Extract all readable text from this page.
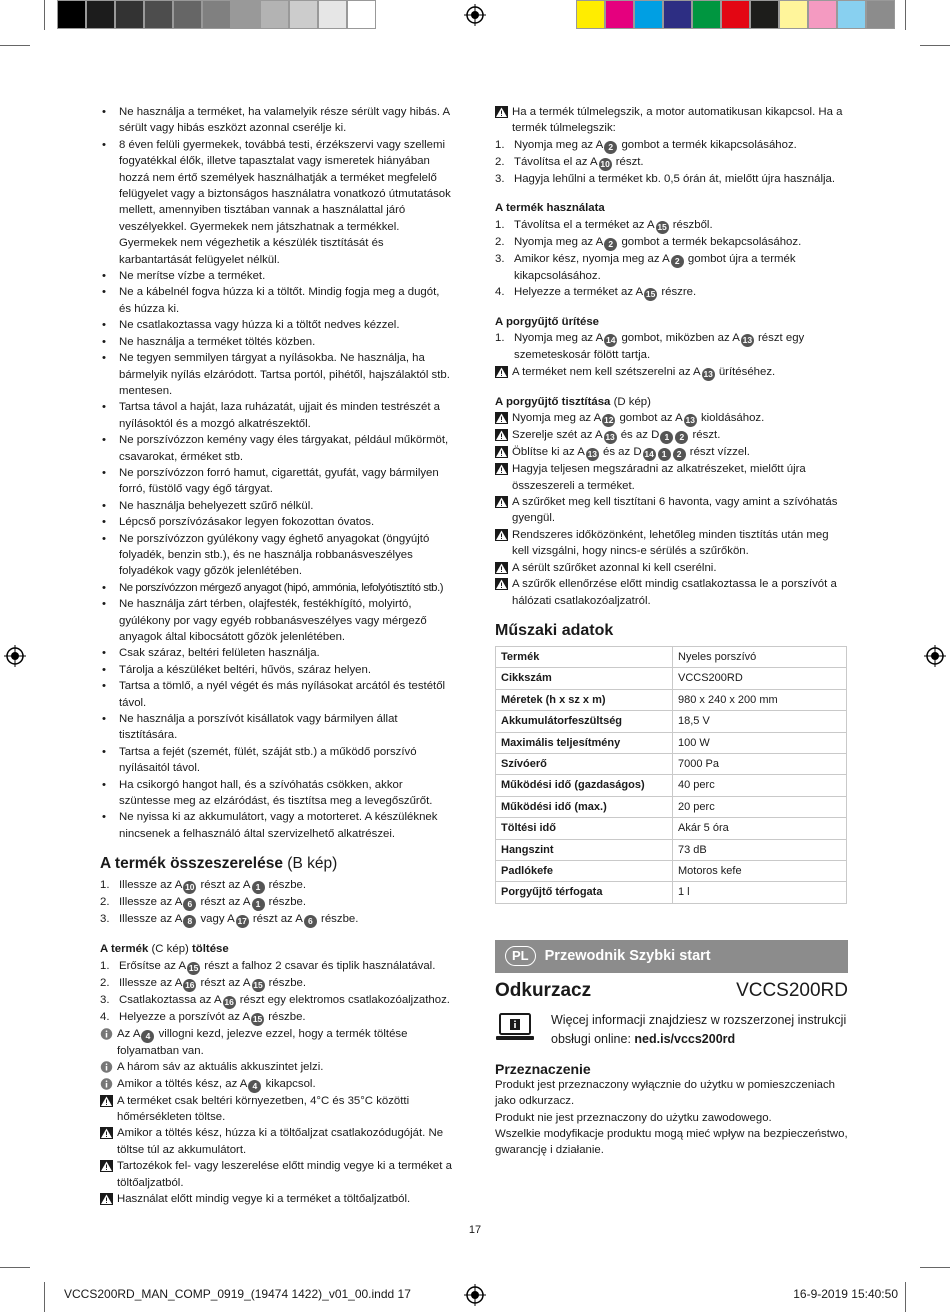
• Ne használja a terméket, ha valamelyik része sérült vagy hibás. A sérült vagy hibás eszközt azonnal cserélje ki.
• 8 éven felüli gyermekek, továbbá testi, érzékszervi vagy szellemi fogyatékkal élők, illetve tapasztalat vagy ismeretek hiányában hozzá nem értő személyek használhatják a terméket megfelelő felügyelet vagy a biztonságos használatra vonatkozó útmutatások mellett, amennyiben tisztában vannak a használattal járó veszélyekkel. Gyermekek nem játszhatnak a termékkel. Gyermekek nem végezhetik a készülék tisztítását és karbantartását felügyelet nélkül.
• Ne merítse vízbe a terméket.
• Ne a kábelnél fogva húzza ki a töltőt. Mindig fogja meg a dugót, és húzza ki.
• Ne csatlakoztassa vagy húzza ki a töltőt nedves kézzel.
• Ne használja a terméket töltés közben.
• Ne tegyen semmilyen tárgyat a nyílásokba. Ne használja, ha bármelyik nyílás elzáródott. Tartsa portól, pihétől, hajszálaktól stb. mentesen.
• Tartsa távol a haját, laza ruházatát, ujjait és minden testrészét a nyílásoktól és a mozgó alkatrészektől.
• Ne porszívózzon kemény vagy éles tárgyakat, például műkörmöt, csavarokat, érméket stb.
• Ne porszívózzon forró hamut, cigarettát, gyufát, vagy bármilyen forró, füstölő vagy égő tárgyat.
• Ne használja behelyezett szűrő nélkül.
• Lépcső porszívózásakor legyen fokozottan óvatos.
• Ne porszívózzon gyúlékony vagy éghető anyagokat (öngyújtó folyadék, benzin stb.), és ne használja robbanásveszélyes folyadékok vagy gőzök jelenlétében.
• Ne porszívózzon mérgező anyagot (hipó, ammónia, lefolyótisztító stb.)
• Ne használja zárt térben, olajfesték, festékhígító, molyirtó, gyúlékony por vagy egyéb robbanásveszélyes vagy mérgező anyagok által kibocsátott gőzök jelenlétében.
• Csak száraz, beltéri felületen használja.
• Tárolja a készüléket beltéri, hűvös, száraz helyen.
• Tartsa a tömlő, a nyél végét és más nyílásokat arcától és testétől távol.
• Ne használja a porszívót kisállatok vagy bármilyen állat tisztítására.
• Tartsa a fejét (szemét, fülét, száját stb.) a működő porszívó nyílásaitól távol.
• Ha csikorgó hangot hall, és a szívóhatás csökken, akkor szüntesse meg az elzáródást, és tisztítsa meg a levegőszűrőt.
• Ne nyissa ki az akkumulátort, vagy a motorteret. A készüléknek nincsenek a felhasználó által szervizelhető alkatrészei.
A termék összeszerelése (B kép)
1. Illessze az A 10 részt az A 1 részbe.
2. Illessze az A 6 részt az A 1 részbe.
3. Illessze az A 8 vagy A 17 részt az A 6 részbe.
A termék (C kép) töltése
1. Erősítse az A 15 részt a falhoz 2 csavar és tiplik használatával.
2. Illessze az A 16 részt az A 15 részbe.
3. Csatlakoztassa az A 16 részt egy elektromos csatlakozóaljzathoz.
4. Helyezze a porszívót az A 15 részbe.
Az A 4 villogni kezd, jelezve ezzel, hogy a termék töltése folyamatban van.
A három sáv az aktuális akkuszintet jelzi.
Amikor a töltés kész, az A 4 kikapcsol.
A terméket csak beltéri környezetben, 4°C és 35°C közötti hőmérsékleten töltse.
Amikor a töltés kész, húzza ki a töltőaljzat csatlakozódugóját. Ne töltse túl az akkumulátort.
Tartozékok fel- vagy leszerelése előtt mindig vegye ki a terméket a töltőaljzatból.
Használat előtt mindig vegye ki a terméket a töltőaljzatból.
Ha a termék túlmelegszik, a motor automatikusan kikapcsol. Ha a termék túlmelegszik:
1. Nyomja meg az A 2 gombot a termék kikapcsolásához.
2. Távolítsa el az A 10 részt.
3. Hagyja lehűlni a terméket kb. 0,5 órán át, mielőtt újra használja.
A termék használata
1. Távolítsa el a terméket az A 15 részből.
2. Nyomja meg az A 2 gombot a termék bekapcsolásához.
3. Amikor kész, nyomja meg az A 2 gombot újra a termék kikapcsolásához.
4. Helyezze a terméket az A 15 részre.
A porgyűjtő ürítése
1. Nyomja meg az A 14 gombot, miközben az A 13 részt egy szemeteskosár fölött tartja.
A terméket nem kell szétszerelni az A 13 ürítéséhez.
A porgyűjtő tisztítása (D kép)
Nyomja meg az A 12 gombot az A 13 kioldásához.
Szerelje szét az A 13 és az D 1 2 részt.
Öblítse ki az A 13 és az D 14 1 2 részt vízzel.
Hagyja teljesen megszáradni az alkatrészeket, mielőtt újra összeszereli a terméket.
A szűrőket meg kell tisztítani 6 havonta, vagy amint a szívóhatás gyengül.
Rendszeres időközönként, lehetőleg minden tisztítás után meg kell vizsgálni, hogy nincs-e sérülés a szűrőkön.
A sérült szűrőket azonnal ki kell cserélni.
A szűrők ellenőrzése előtt mindig csatlakoztassa le a porszívót a hálózati csatlakozóaljzatról.
Műszaki adatok
Termék	Nyeles porszívó
Cikkszám	VCCS200RD
Méretek (h x sz x m)	980 x 240 x 200 mm
Akkumulátorfeszültség	18,5 V
Maximális teljesítmény	100 W
Szívóerő	7000 Pa
Működési idő (gazdaságos)	40 perc
Működési idő (max.)	20 perc
Töltési idő	Akár 5 óra
Hangszint	73 dB
Padlókefe	Motoros kefe
Porgyűjtő térfogata	1 l
PL	Przewodnik Szybki start
Odkurzacz	VCCS200RD
Więcej informacji znajdziesz w rozszerzonej instrukcji obsługi online: ned.is/vccs200rd
Przeznaczenie
Produkt jest przeznaczony wyłącznie do użytku w pomieszczeniach jako odkurzacz.
Produkt nie jest przeznaczony do użytku zawodowego.
Wszelkie modyfikacje produktu mogą mieć wpływ na bezpieczeństwo, gwarancję i działanie.
17
VCCS200RD_MAN_COMP_0919_(19474 1422)_v01_00.indd 17	16-9-2019 15:40:50
